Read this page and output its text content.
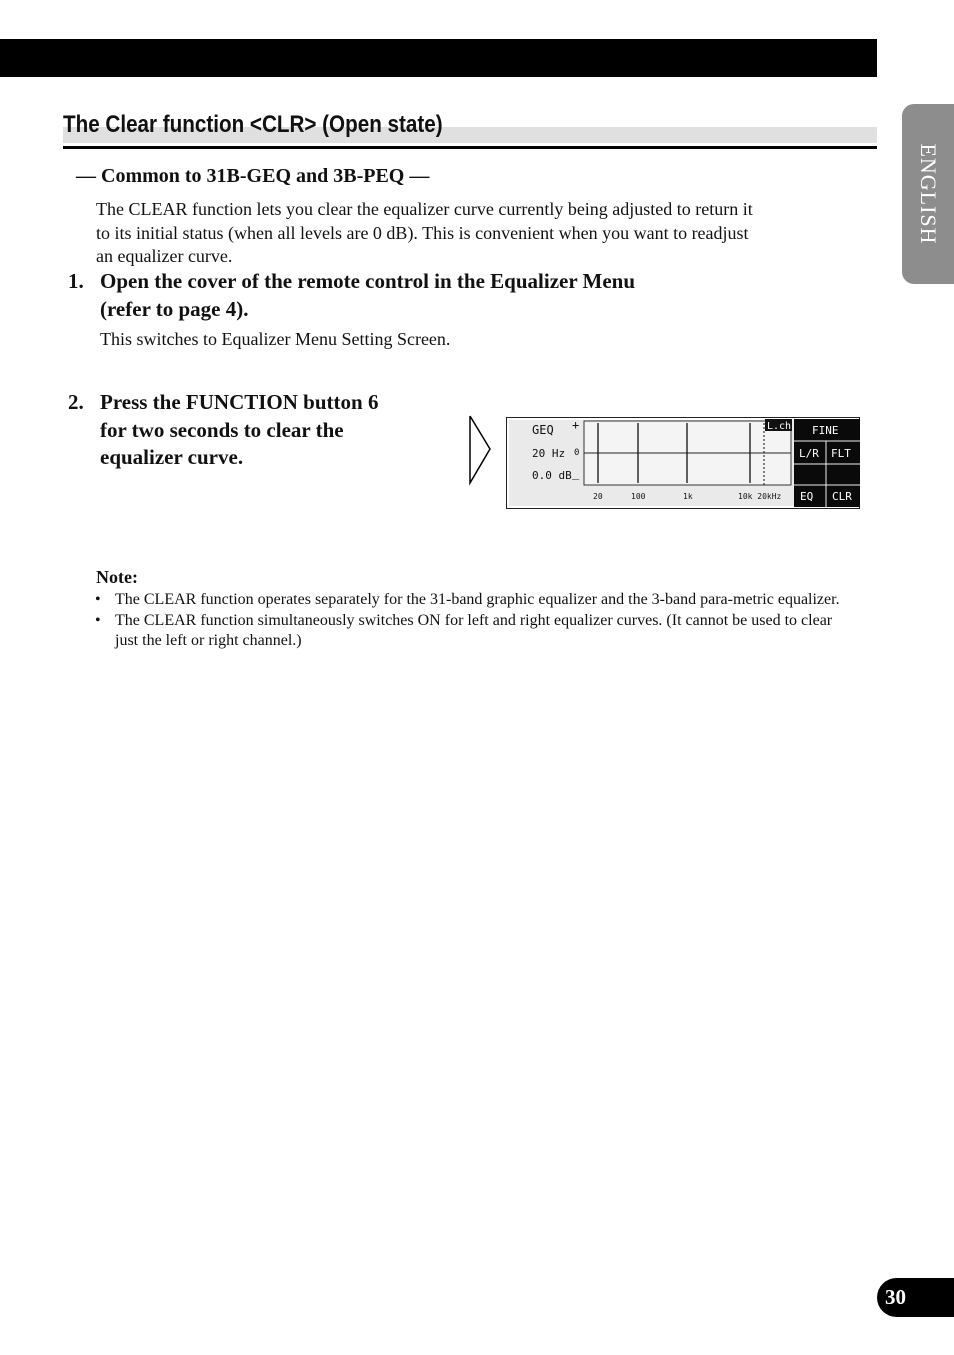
ENGLISH
The Clear function <CLR> (Open state)
— Common to 31B-GEQ and 3B-PEQ —
The CLEAR function lets you clear the equalizer curve currently being adjusted to return it
to its initial status (when all levels are 0 dB). This is convenient when you want to readjust
an equalizer curve.
1. Open the cover of the remote control in the Equalizer Menu
(refer to page 4).
This switches to Equalizer Menu Setting Screen.
2. Press the FUNCTION button 6
for two seconds to clear the
equalizer curve.
GEQ
20 Hz
0.0 dB
+
0
_
L.ch
20	100	1k	10k 20kHz
FINE
L/R FLT
EQ CLR
Note:
• The CLEAR function operates separately for the 31-band graphic equalizer and the 3-band para-metric equalizer.
• The CLEAR function simultaneously switches ON for left and right equalizer curves. (It cannot be used to clear just the left or right channel.)
30
